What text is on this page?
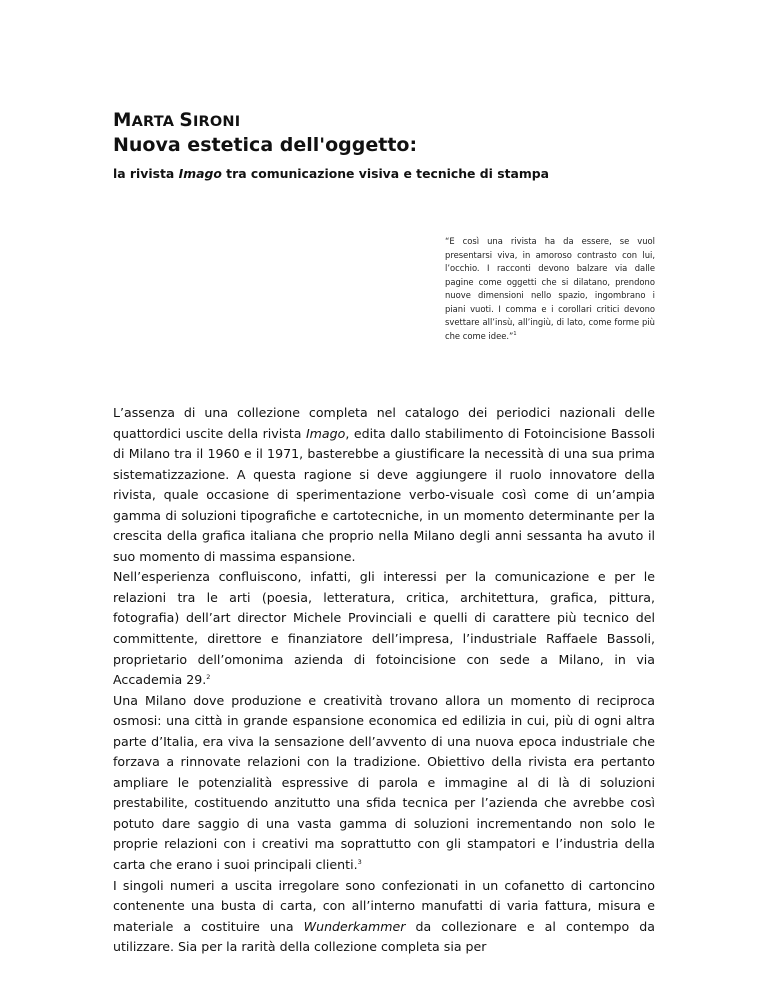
MARTA SIRONI
Nuova estetica dell'oggetto:
la rivista Imago tra comunicazione visiva e tecniche di stampa

“E così una rivista ha da essere, se vuol presentarsi viva, in amoroso contrasto con lui, l’occhio. I racconti devono balzare via dalle pagine come oggetti che si dilatano, prendono nuove dimensioni nello spazio, ingombrano i piani vuoti. I comma e i corollari critici devono svettare all’insù, all’ingiù, di lato, come forme più che come idee.”$^1$

L’assenza di una collezione completa nel catalogo dei periodici nazionali delle quattordici uscite della rivista Imago, edita dallo stabilimento di Fotoincisione Bassoli di Milano tra il 1960 e il 1971, basterebbe a giustificare la necessità di una sua prima sistematizzazione. A questa ragione si deve aggiungere il ruolo innovatore della rivista, quale occasione di sperimentazione verbo-visuale così come di un’ampia gamma di soluzioni tipografiche e cartotecniche, in un momento determinante per la crescita della grafica italiana che proprio nella Milano degli anni sessanta ha avuto il suo momento di massima espansione.

Nell’esperienza confluiscono, infatti, gli interessi per la comunicazione e per le relazioni tra le arti (poesia, letteratura, critica, architettura, grafica, pittura, fotografia) dell’art director Michele Provinciali e quelli di carattere più tecnico del committente, direttore e finanziatore dell’impresa, l’industriale Raffaele Bassoli, proprietario dell’omonima azienda di fotoincisione con sede a Milano, in via Accademia 29.$^2$

Una Milano dove produzione e creatività trovano allora un momento di reciproca osmosi: una città in grande espansione economica ed edilizia in cui, più di ogni altra parte d’Italia, era viva la sensazione dell’avvento di una nuova epoca industriale che forzava a rinnovate relazioni con la tradizione. Obiettivo della rivista era pertanto ampliare le potenzialità espressive di parola e immagine al di là di soluzioni prestabilite, costituendo anzitutto una sfida tecnica per l’azienda che avrebbe così potuto dare saggio di una vasta gamma di soluzioni incrementando non solo le proprie relazioni con i creativi ma soprattutto con gli stampatori e l’industria della carta che erano i suoi principali clienti.$^3$

I singoli numeri a uscita irregolare sono confezionati in un cofanetto di cartoncino contenente una busta di carta, con all’interno manufatti di varia fattura, misura e materiale a costituire una Wunderkammer da collezionare e al contempo da utilizzare. Sia per la rarità della collezione completa sia per
